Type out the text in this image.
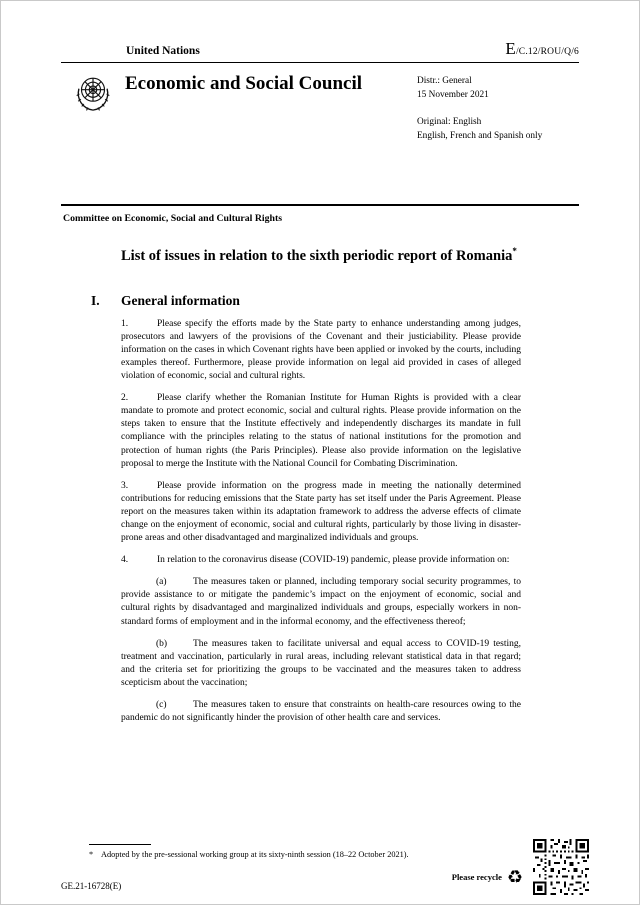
United Nations	E/C.12/ROU/Q/6
Economic and Social Council	Distr.: General
15 November 2021
Original: English
English, French and Spanish only
Committee on Economic, Social and Cultural Rights
List of issues in relation to the sixth periodic report of Romania*
I.	General information

1.	Please specify the efforts made by the State party to enhance understanding among judges, prosecutors and lawyers of the provisions of the Covenant and their justiciability. Please provide information on the cases in which Covenant rights have been applied or invoked by the courts, including examples thereof. Furthermore, please provide information on legal aid provided in cases of alleged violation of economic, social and cultural rights.

2.	Please clarify whether the Romanian Institute for Human Rights is provided with a clear mandate to promote and protect economic, social and cultural rights. Please provide information on the steps taken to ensure that the Institute effectively and independently discharges its mandate in full compliance with the principles relating to the status of national institutions for the promotion and protection of human rights (the Paris Principles). Please also provide information on the legislative proposal to merge the Institute with the National Council for Combating Discrimination.

3.	Please provide information on the progress made in meeting the nationally determined contributions for reducing emissions that the State party has set itself under the Paris Agreement. Please report on the measures taken within its adaptation framework to address the adverse effects of climate change on the enjoyment of economic, social and cultural rights, particularly by those living in disaster-prone areas and other disadvantaged and marginalized individuals and groups.

4.	In relation to the coronavirus disease (COVID-19) pandemic, please provide information on:

(a)	The measures taken or planned, including temporary social security programmes, to provide assistance to or mitigate the pandemic’s impact on the enjoyment of economic, social and cultural rights by disadvantaged and marginalized individuals and groups, especially workers in non-standard forms of employment and in the informal economy, and the effectiveness thereof;

(b)	The measures taken to facilitate universal and equal access to COVID-19 testing, treatment and vaccination, particularly in rural areas, including relevant statistical data in that regard; and the criteria set for prioritizing the groups to be vaccinated and the measures taken to address scepticism about the vaccination;

(c)	The measures taken to ensure that constraints on health-care resources owing to the pandemic do not significantly hinder the provision of other health care and services.

* Adopted by the pre-sessional working group at its sixty-ninth session (18–22 October 2021).
GE.21-16728(E)
Please recycle ♻
